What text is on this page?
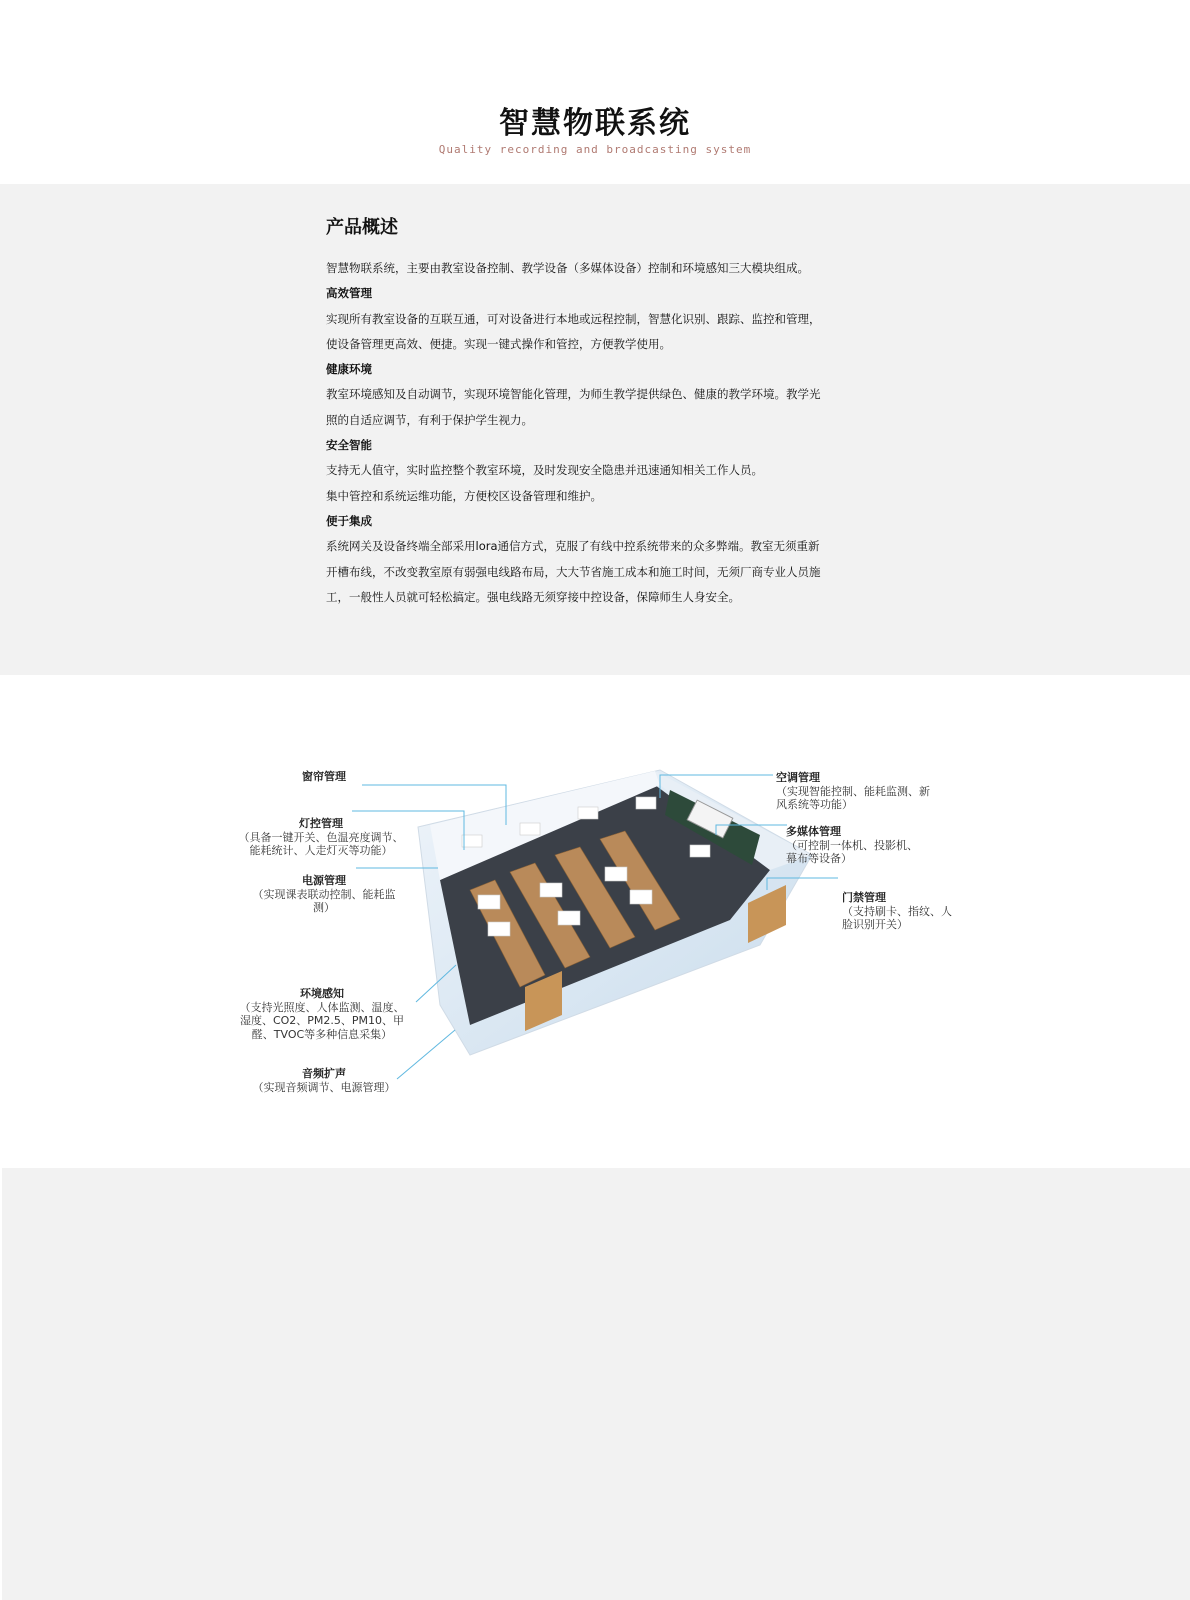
智慧物联系统
Quality recording and broadcasting system
产品概述

智慧物联系统，主要由教室设备控制、教学设备（多媒体设备）控制和环境感知三大模块组成。

高效管理

实现所有教室设备的互联互通，可对设备进行本地或远程控制，智慧化识别、跟踪、监控和管理，

使设备管理更高效、便捷。实现一键式操作和管控，方便教学使用。

健康环境

教室环境感知及自动调节，实现环境智能化管理，为师生教学提供绿色、健康的教学环境。教学光

照的自适应调节，有利于保护学生视力。

安全智能

支持无人值守，实时监控整个教室环境，及时发现安全隐患并迅速通知相关工作人员。

集中管控和系统运维功能，方便校区设备管理和维护。

便于集成

系统网关及设备终端全部采用lora通信方式，克服了有线中控系统带来的众多弊端。教室无须重新

开槽布线，不改变教室原有弱强电线路布局，大大节省施工成本和施工时间，无须厂商专业人员施

工，一般性人员就可轻松搞定。强电线路无须穿接中控设备，保障师生人身安全。

窗帘管理
灯控管理
（具备一键开关、色温亮度调节、
能耗统计、人走灯灭等功能）
电源管理
（实现课表联动控制、能耗监
测）
环境感知
（支持光照度、人体监测、温度、
湿度、CO2、PM2.5、PM10、甲
醛、TVOC等多种信息采集）
音频扩声
（实现音频调节、电源管理）
空调管理
（实现智能控制、能耗监测、新
风系统等功能）
多媒体管理
（可控制一体机、投影机、
幕布等设备）
门禁管理
（支持刷卡、指纹、人
脸识别开关）
